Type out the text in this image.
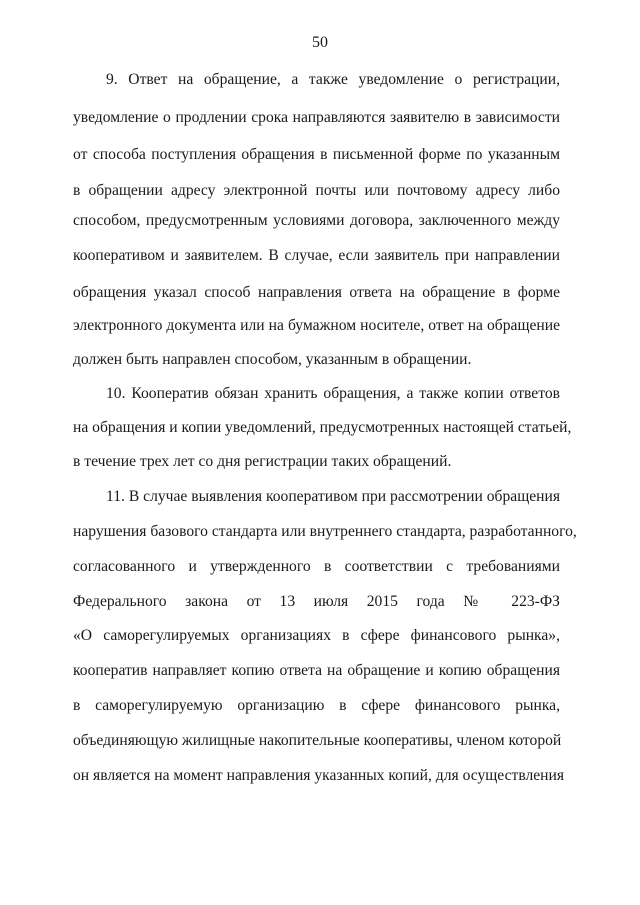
50
9. Ответ на обращение, а также уведомление о регистрации,
уведомление о продлении срока направляются заявителю в зависимости
от способа поступления обращения в письменной форме по указанным
в обращении адресу электронной почты или почтовому адресу либо
способом, предусмотренным условиями договора, заключенного между
кооперативом и заявителем. В случае, если заявитель при направлении
обращения указал способ направления ответа на обращение в форме
электронного документа или на бумажном носителе, ответ на обращение
должен быть направлен способом, указанным в обращении.
10. Кооператив обязан хранить обращения, а также копии ответов
на обращения и копии уведомлений, предусмотренных настоящей статьей,
в течение трех лет со дня регистрации таких обращений.
11. В случае выявления кооперативом при рассмотрении обращения
нарушения базового стандарта или внутреннего стандарта, разработанного,
согласованного и утвержденного в соответствии с требованиями
Федерального закона от 13 июля 2015 года № 223-ФЗ
«О саморегулируемых организациях в сфере финансового рынка»,
кооператив направляет копию ответа на обращение и копию обращения
в саморегулируемую организацию в сфере финансового рынка,
объединяющую жилищные накопительные кооперативы, членом которой
он является на момент направления указанных копий, для осуществления
